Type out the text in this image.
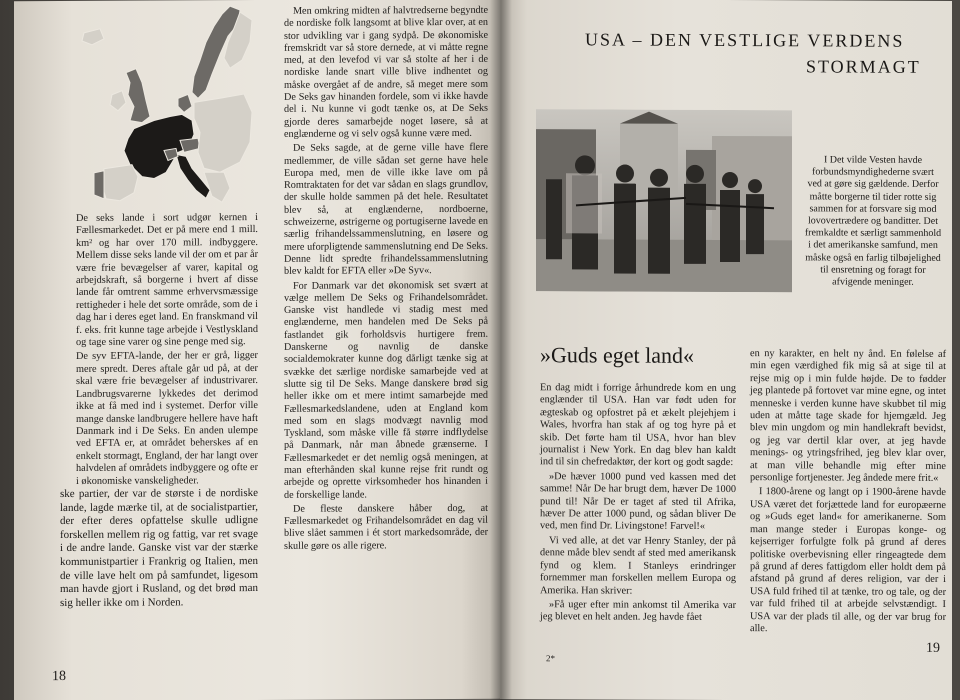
De seks lande i sort udgør kernen i Fællesmarkedet. Det er på mere end 1 mill. km² og har over 170 mill. indbyggere. Mellem disse seks lande vil der om et par år være frie bevægelser af varer, kapital og arbejdskraft, så borgerne i hvert af disse lande får omtrent samme erhvervsmæssige rettigheder i hele det sorte område, som de i dag har i deres eget land. En franskmand vil f. eks. frit kunne tage arbejde i Vestlyskland og tage sine varer og sine penge med sig.

De syv EFTA-lande, der her er grå, ligger mere spredt. Deres aftale går ud på, at der skal være frie bevægelser af industrivarer. Landbrugsvarerne lykkedes det derimod ikke at få med ind i systemet. Derfor ville mange danske landbrugere hellere have haft Danmark ind i De Seks. En anden ulempe ved EFTA er, at området beherskes af en enkelt stormagt, England, der har langt over halvdelen af områdets indbyggere og ofte er i økonomiske vanskeligheder.

ske partier, der var de største i de nordiske lande, lagde mærke til, at de socialistpartier, der efter deres opfattelse skulle udligne forskellen mellem rig og fattig, var ret svage i de andre lande. Ganske vist var der stærke kommunistpartier i Frankrig og Italien, men de ville lave helt om på samfundet, ligesom man havde gjort i Rusland, og det brød man sig heller ikke om i Norden.

Men omkring midten af halvtredserne begyndte de nordiske folk langsomt at blive klar over, at en stor udvikling var i gang sydpå. De økonomiske fremskridt var så store dernede, at vi måtte regne med, at den levefod vi var så stolte af her i de nordiske lande snart ville blive indhentet og måske overgået af de andre, så meget mere som De Seks gav hinanden fordele, som vi ikke havde del i. Nu kunne vi godt tænke os, at De Seks gjorde deres samarbejde noget løsere, så at englænderne og vi selv også kunne være med.

De Seks sagde, at de gerne ville have flere medlemmer, de ville sådan set gerne have hele Europa med, men de ville ikke lave om på Romtraktaten for det var sådan en slags grundlov, der skulle holde sammen på det hele. Resultatet blev så, at englænderne, nordboerne, schweizerne, østrigerne og portugiserne lavede en særlig frihandelssammenslutning, en løsere og mere uforpligtende sammenslutning end De Seks. Denne lidt spredte frihandelssammenslutning blev kaldt for EFTA eller »De Syv«.

For Danmark var det økonomisk set svært at vælge mellem De Seks og Frihandelsområdet. Ganske vist handlede vi stadig mest med englænderne, men handelen med De Seks på fastlandet gik forholdsvis hurtigere frem. Danskerne og navnlig de danske socialdemokrater kunne dog dårligt tænke sig at svække det særlige nordiske samarbejde ved at slutte sig til De Seks. Mange danskere brød sig heller ikke om et mere intimt samarbejde med Fællesmarkedslandene, uden at England kom med som en slags modvægt navnlig mod Tyskland, som måske ville få større indflydelse på Danmark, når man åbnede grænserne. I Fællesmarkedet er det nemlig også meningen, at man efterhånden skal kunne rejse frit rundt og arbejde og oprette virksomheder hos hinanden i de forskellige lande.

De fleste danskere håber dog, at Fællesmarkedet og Frihandelsområdet en dag vil blive slået sammen i ét stort markedsområde, der skulle gøre os alle rigere.

18
USA – DEN VESTLIGE VERDENS
STORMAGT
I Det vilde Vesten havde forbundsmyndighederne svært ved at gøre sig gældende. Derfor måtte borgerne til tider rotte sig sammen for at forsvare sig mod lovovertrædere og banditter. Det fremkaldte et særligt sammenhold i det amerikanske samfund, men måske også en farlig tilbøjelighed til ensretning og foragt for afvigende meninger.
»Guds eget land«

En dag midt i forrige århundrede kom en ung englænder til USA. Han var født uden for ægteskab og opfostret på et ækelt plejehjem i Wales, hvorfra han stak af og tog hyre på et skib. Det førte ham til USA, hvor han blev journalist i New York. En dag blev han kaldt ind til sin chefredaktør, der kort og godt sagde:

»De hæver 1000 pund ved kassen med det samme! Når De har brugt dem, hæver De 1000 pund til! Når De er taget af sted til Afrika, hæver De atter 1000 pund, og sådan bliver De ved, men find Dr. Livingstone! Farvel!«

Vi ved alle, at det var Henry Stanley, der på denne måde blev sendt af sted med amerikansk fynd og klem. I Stanleys erindringer fornemmer man forskellen mellem Europa og Amerika. Han skriver:

»Få uger efter min ankomst til Amerika var jeg blevet en helt anden. Jeg havde fået

en ny karakter, en helt ny ånd. En følelse af min egen værdighed fik mig så at sige til at rejse mig op i min fulde højde. De to fødder jeg plantede på fortovet var mine egne, og intet menneske i verden kunne have skubbet til mig uden at måtte tage skade for hjemgæld. Jeg blev min ungdom og min handlekraft bevidst, og jeg var dertil klar over, at jeg havde menings- og ytringsfrihed, jeg blev klar over, at man ville behandle mig efter mine personlige fortjenester. Jeg åndede mere frit.«

I 1800-årene og langt op i 1900-årene havde USA været det forjættede land for europæerne og »Guds eget land« for amerikanerne. Som man mange steder i Europas konge- og kejserriger forfulgte folk på grund af deres politiske overbevisning eller ringeagtede dem på grund af deres fattigdom eller holdt dem på afstand på grund af deres religion, var der i USA fuld frihed til at tænke, tro og tale, og der var fuld frihed til at arbejde selvstændigt. I USA var der plads til alle, og der var brug for alle.

2*
19
